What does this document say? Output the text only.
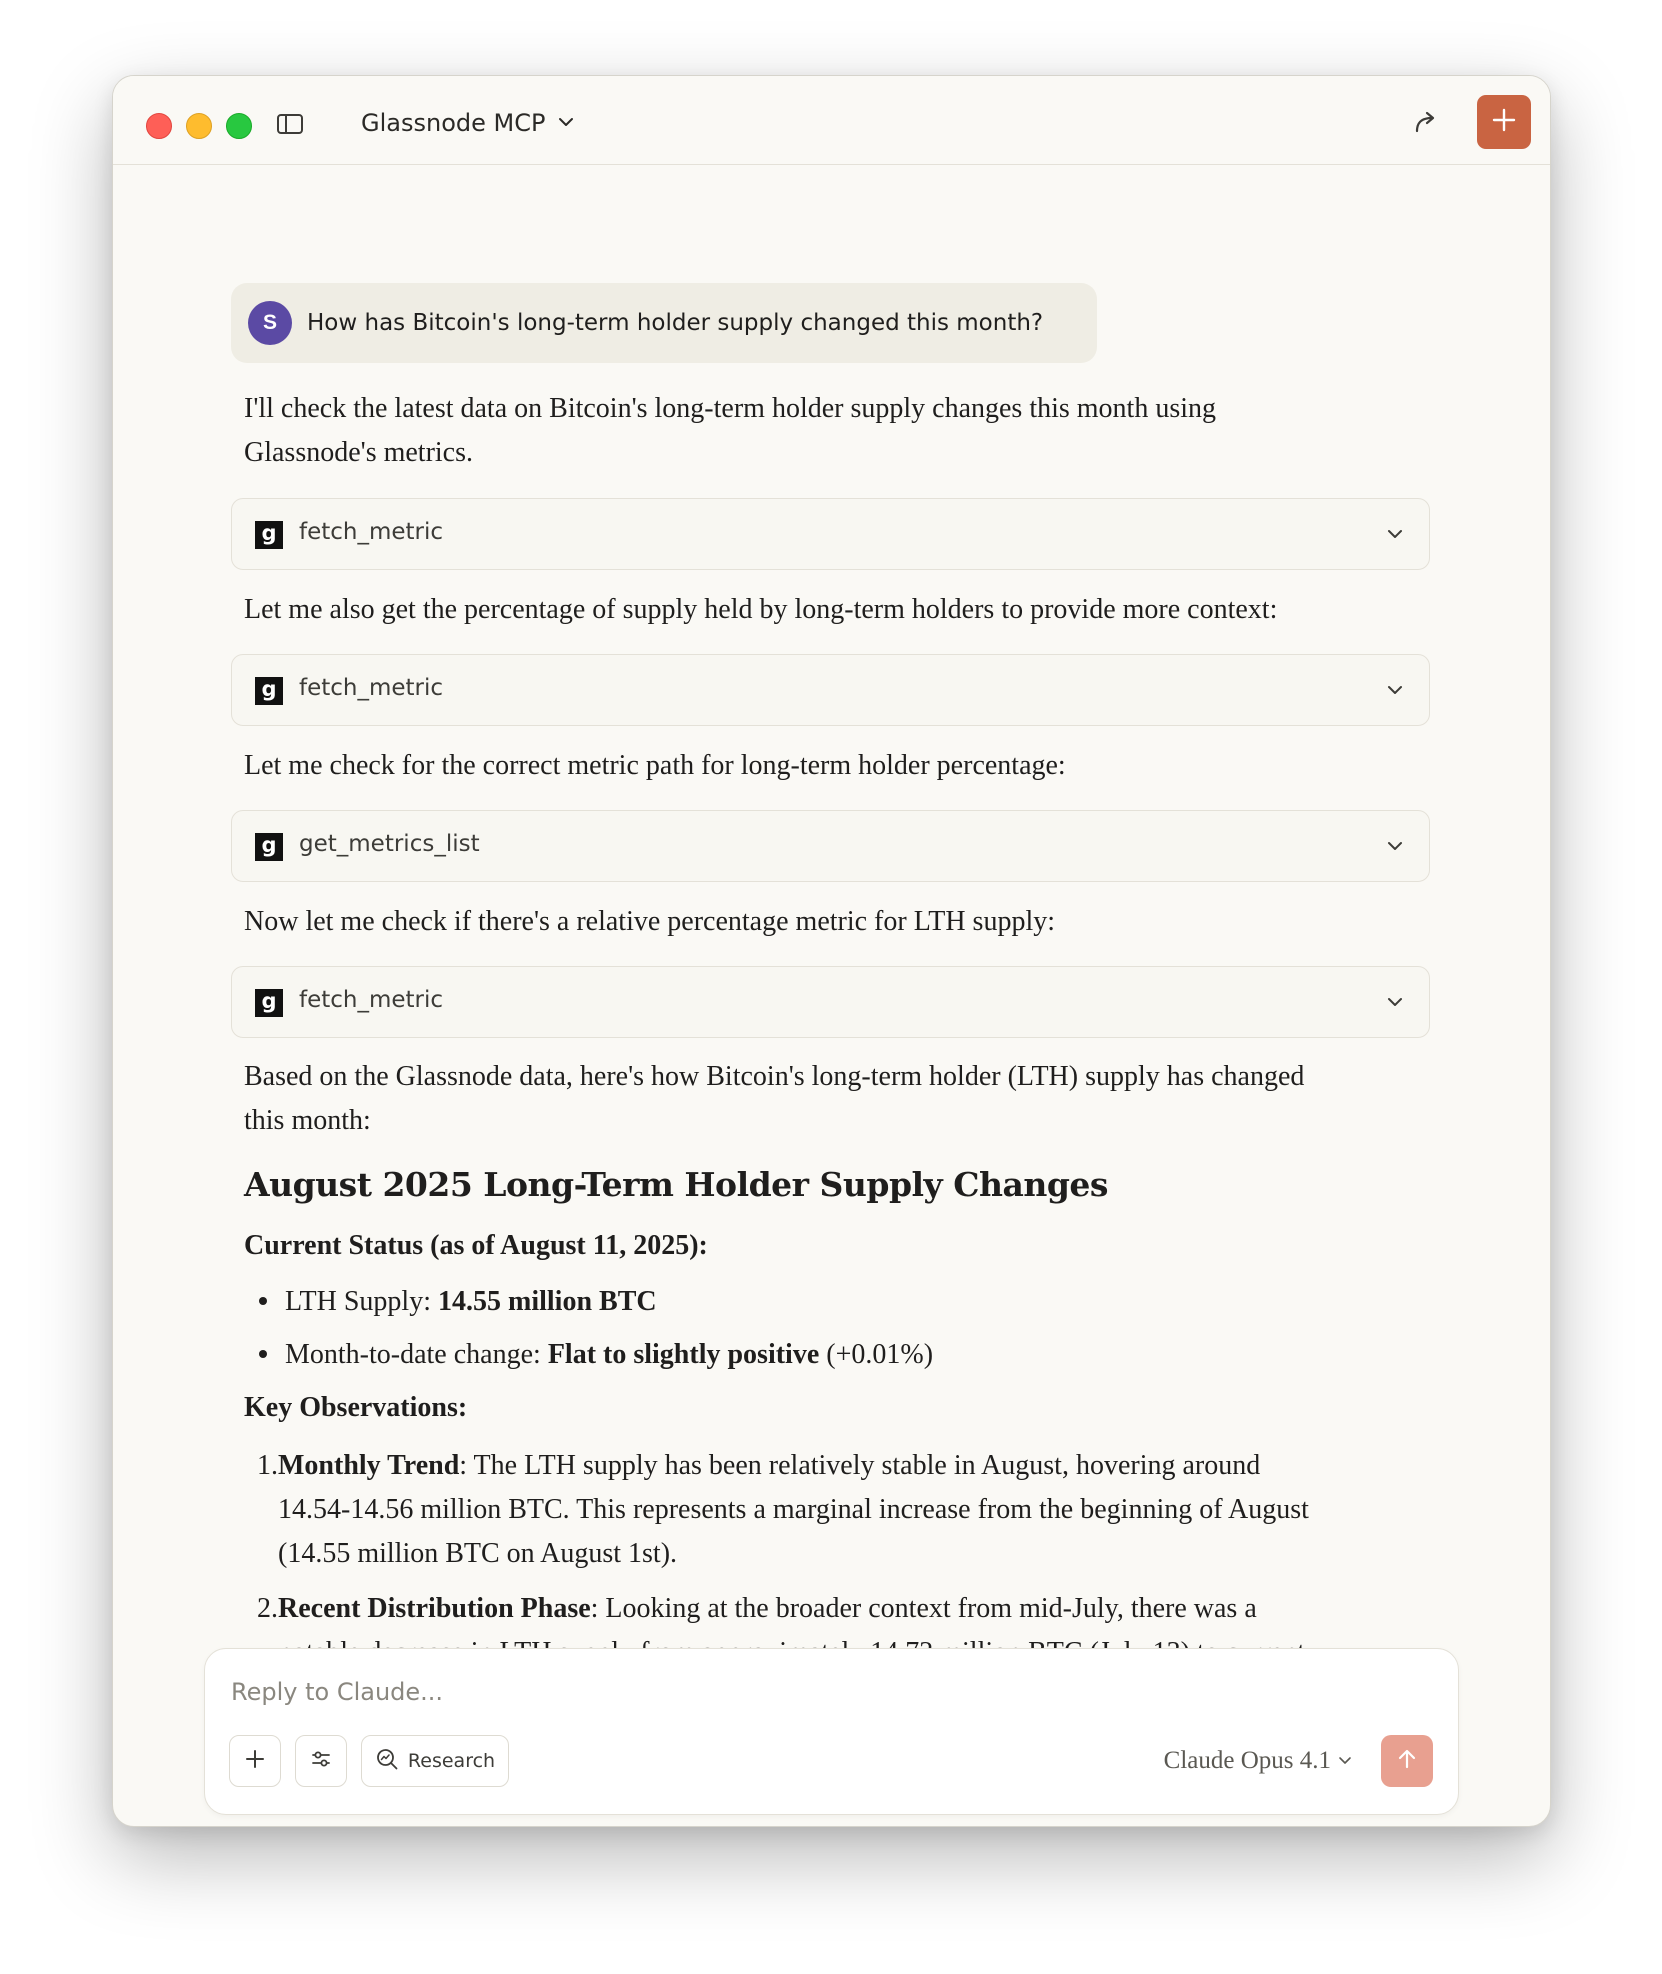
Glassnode MCP
S	How has Bitcoin's long-term holder supply changed this month?
I'll check the latest data on Bitcoin's long-term holder supply changes this month using
Glassnode's metrics.
g fetch_metric
Let me also get the percentage of supply held by long-term holders to provide more context:
g fetch_metric
Let me check for the correct metric path for long-term holder percentage:
g get_metrics_list
Now let me check if there's a relative percentage metric for LTH supply:
g fetch_metric
Based on the Glassnode data, here's how Bitcoin's long-term holder (LTH) supply has changed
this month:
August 2025 Long-Term Holder Supply Changes
Current Status (as of August 11, 2025):
LTH Supply: 14.55 million BTC
Month-to-date change: Flat to slightly positive (+0.01%)
Key Observations:
1. Monthly Trend: The LTH supply has been relatively stable in August, hovering around
14.54-14.56 million BTC. This represents a marginal increase from the beginning of August
(14.55 million BTC on August 1st).
2. Recent Distribution Phase: Looking at the broader context from mid-July, there was a
Reply to Claude...
Research	Claude Opus 4.1
